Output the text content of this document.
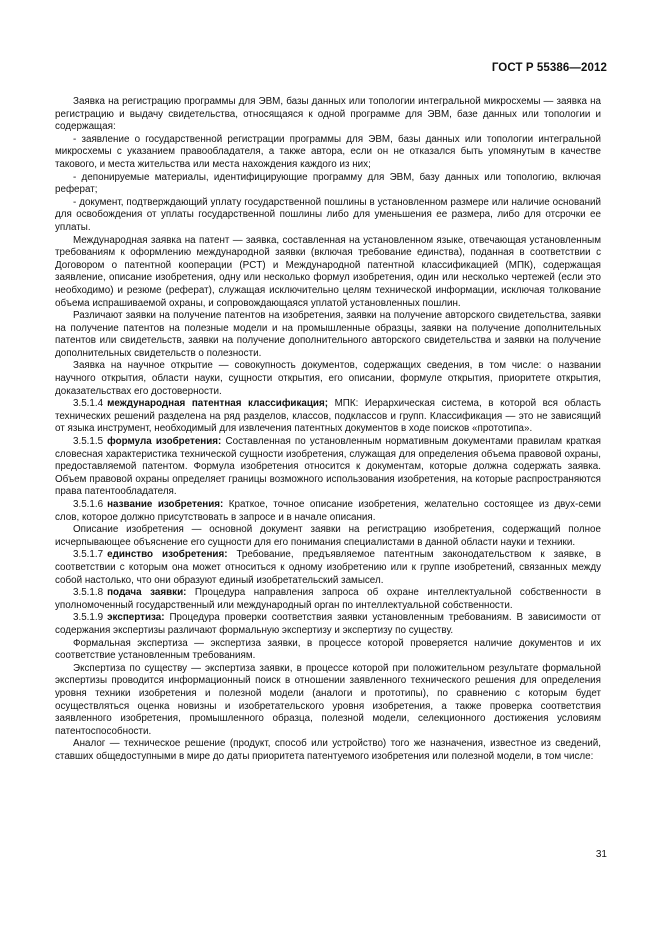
ГОСТ Р 55386—2012

Заявка на регистрацию программы для ЭВМ, базы данных или топологии интегральной микросхемы — заявка на регистрацию и выдачу свидетельства, относящаяся к одной программе для ЭВМ, базе данных или топологии и содержащая:

- заявление о государственной регистрации программы для ЭВМ, базы данных или топологии интегральной микросхемы с указанием правообладателя, а также автора, если он не отказался быть упомянутым в качестве такового, и места жительства или места нахождения каждого из них;

- депонируемые материалы, идентифицирующие программу для ЭВМ, базу данных или топологию, включая реферат;

- документ, подтверждающий уплату государственной пошлины в установленном размере или наличие оснований для освобождения от уплаты государственной пошлины либо для уменьшения ее размера, либо для отсрочки ее уплаты.

Международная заявка на патент — заявка, составленная на установленном языке, отвечающая установленным требованиям к оформлению международной заявки (включая требование единства), поданная в соответствии с Договором о патентной кооперации (PCT) и Международной патентной классификацией (МПК), содержащая заявление, описание изобретения, одну или несколько формул изобретения, один или несколько чертежей (если это необходимо) и резюме (реферат), служащая исключительно целям технической информации, исключая толкование объема испрашиваемой охраны, и сопровождающаяся уплатой установленных пошлин.

Различают заявки на получение патентов на изобретения, заявки на получение авторского свидетельства, заявки на получение патентов на полезные модели и на промышленные образцы, заявки на получение дополнительных патентов или свидетельств, заявки на получение дополнительного авторского свидетельства и заявки на получение дополнительных свидетельств о полезности.

Заявка на научное открытие — совокупность документов, содержащих сведения, в том числе: о названии научного открытия, области науки, сущности открытия, его описании, формуле открытия, приоритете открытия, доказательствах его достоверности.

3.5.1.4 международная патентная классификация; МПК: Иерархическая система, в которой вся область технических решений разделена на ряд разделов, классов, подклассов и групп. Классификация — это не зависящий от языка инструмент, необходимый для извлечения патентных документов в ходе поисков «прототипа».

3.5.1.5 формула изобретения: Составленная по установленным нормативным документами правилам краткая словесная характеристика технической сущности изобретения, служащая для определения объема правовой охраны, предоставляемой патентом. Формула изобретения относится к документам, которые должна содержать заявка. Объем правовой охраны определяет границы возможного использования изобретения, на которые распространяются права патентообладателя.

3.5.1.6 название изобретения: Краткое, точное описание изобретения, желательно состоящее из двух-семи слов, которое должно присутствовать в запросе и в начале описания.

Описание изобретения — основной документ заявки на регистрацию изобретения, содержащий полное исчерпывающее объяснение его сущности для его понимания специалистами в данной области науки и техники.

3.5.1.7 единство изобретения: Требование, предъявляемое патентным законодательством к заявке, в соответствии с которым она может относиться к одному изобретению или к группе изобретений, связанных между собой настолько, что они образуют единый изобретательский замысел.

3.5.1.8 подача заявки: Процедура направления запроса об охране интеллектуальной собственности в уполномоченный государственный или международный орган по интеллектуальной собственности.

3.5.1.9 экспертиза: Процедура проверки соответствия заявки установленным требованиям. В зависимости от содержания экспертизы различают формальную экспертизу и экспертизу по существу.

Формальная экспертиза — экспертиза заявки, в процессе которой проверяется наличие документов и их соответствие установленным требованиям.

Экспертиза по существу — экспертиза заявки, в процессе которой при положительном результате формальной экспертизы проводится информационный поиск в отношении заявленного технического решения для определения уровня техники изобретения и полезной модели (аналоги и прототипы), по сравнению с которым будет осуществляться оценка новизны и изобретательского уровня изобретения, а также проверка соответствия заявленного изобретения, промышленного образца, полезной модели, селекционного достижения условиям патентоспособности.

Аналог — техническое решение (продукт, способ или устройство) того же назначения, известное из сведений, ставших общедоступными в мире до даты приоритета патентуемого изобретения или полезной модели, в том числе:

31
